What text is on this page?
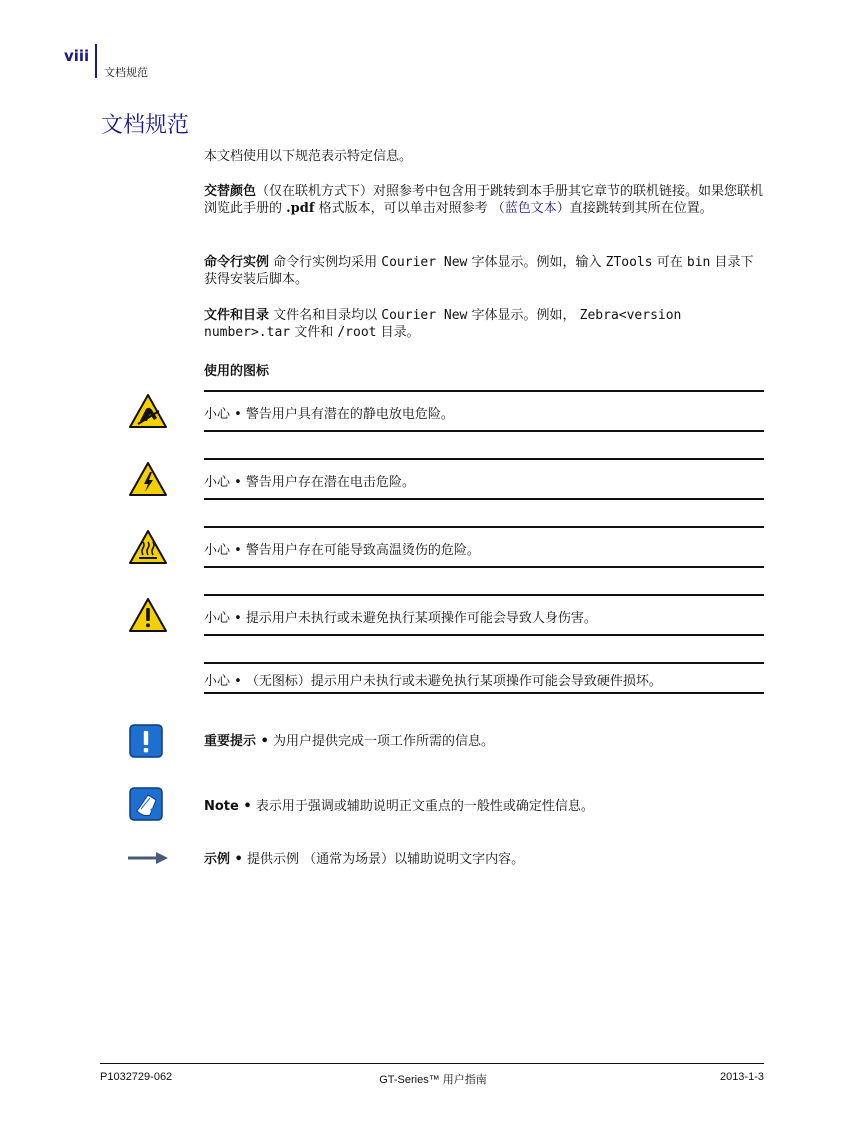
viii
文档规范
文档规范
本文档使用以下规范表示特定信息。
交替颜色（仅在联机方式下）对照参考中包含用于跳转到本手册其它章节的联机链接。如果您联机浏览此手册的 .pdf 格式版本，可以单击对照参考 （蓝色文本）直接跳转到其所在位置。
命令行实例 命令行实例均采用 Courier New 字体显示。例如，输入 ZTools 可在 bin 目录下获得安装后脚本。
文件和目录 文件名和目录均以 Courier New 字体显示。例如， Zebra<version number>.tar 文件和 /root 目录。
使用的图标
小心 • 警告用户具有潜在的静电放电危险。
小心 • 警告用户存在潜在电击危险。
小心 • 警告用户存在可能导致高温烫伤的危险。
小心 • 提示用户未执行或未避免执行某项操作可能会导致人身伤害。
小心 • （无图标）提示用户未执行或未避免执行某项操作可能会导致硬件损坏。
重要提示 • 为用户提供完成一项工作所需的信息。
Note • 表示用于强调或辅助说明正文重点的一般性或确定性信息。
示例 • 提供示例 （通常为场景）以辅助说明文字内容。
P1032729-062	GT-Series™ 用户指南	2013-1-3
